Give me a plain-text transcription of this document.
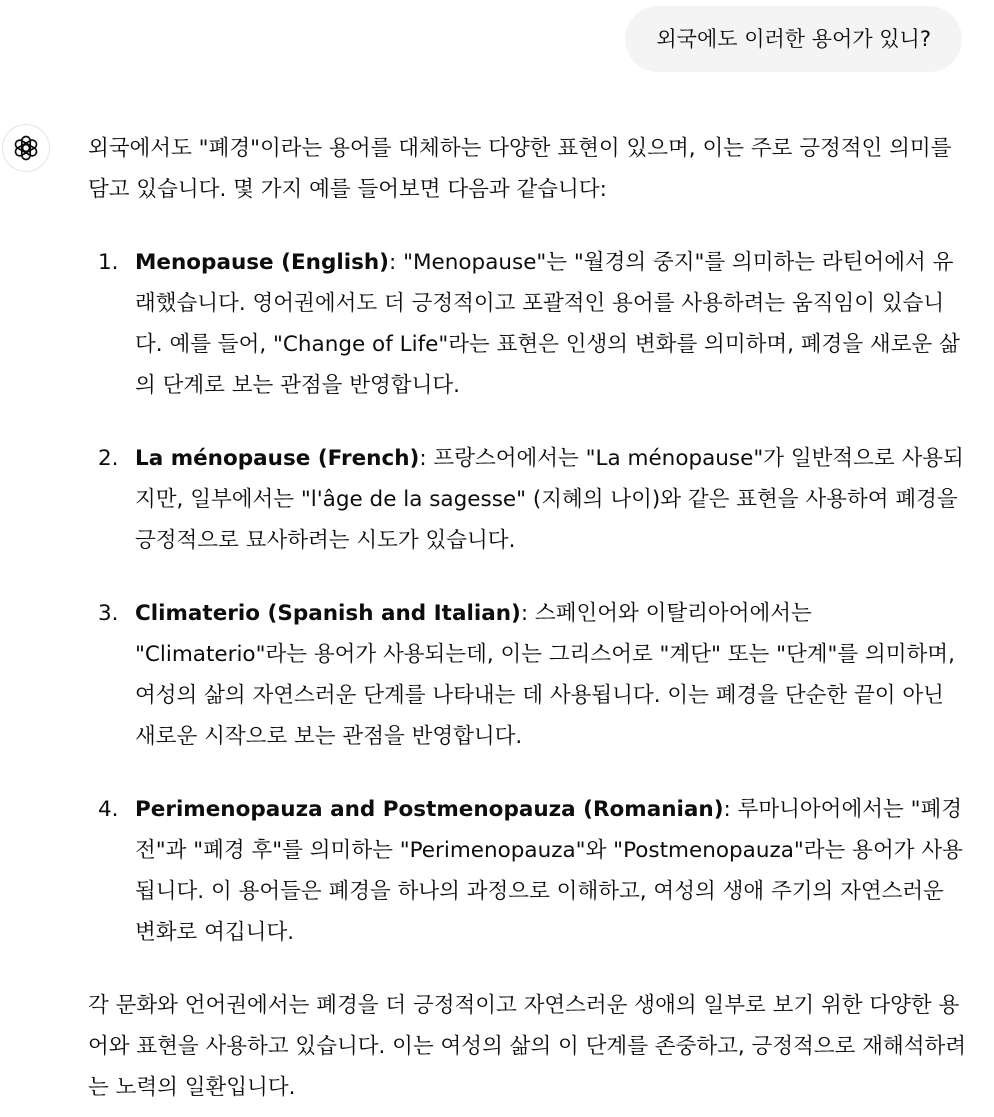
외국에도 이러한 용어가 있니?

외국에서도 "폐경"이라는 용어를 대체하는 다양한 표현이 있으며, 이는 주로 긍정적인 의미를 담고 있습니다. 몇 가지 예를 들어보면 다음과 같습니다:

1. Menopause (English): "Menopause"는 "월경의 중지"를 의미하는 라틴어에서 유래했습니다. 영어권에서도 더 긍정적이고 포괄적인 용어를 사용하려는 움직임이 있습니다. 예를 들어, "Change of Life"라는 표현은 인생의 변화를 의미하며, 폐경을 새로운 삶의 단계로 보는 관점을 반영합니다.
2. La ménopause (French): 프랑스어에서는 "La ménopause"가 일반적으로 사용되지만, 일부에서는 "l'âge de la sagesse" (지혜의 나이)와 같은 표현을 사용하여 폐경을 긍정적으로 묘사하려는 시도가 있습니다.
3. Climaterio (Spanish and Italian): 스페인어와 이탈리아어에서는 "Climaterio"라는 용어가 사용되는데, 이는 그리스어로 "계단" 또는 "단계"를 의미하며, 여성의 삶의 자연스러운 단계를 나타내는 데 사용됩니다. 이는 폐경을 단순한 끝이 아닌 새로운 시작으로 보는 관점을 반영합니다.
4. Perimenopauza and Postmenopauza (Romanian): 루마니아어에서는 "폐경 전"과 "폐경 후"를 의미하는 "Perimenopauza"와 "Postmenopauza"라는 용어가 사용됩니다. 이 용어들은 폐경을 하나의 과정으로 이해하고, 여성의 생애 주기의 자연스러운 변화로 여깁니다.

각 문화와 언어권에서는 폐경을 더 긍정적이고 자연스러운 생애의 일부로 보기 위한 다양한 용어와 표현을 사용하고 있습니다. 이는 여성의 삶의 이 단계를 존중하고, 긍정적으로 재해석하려는 노력의 일환입니다.
